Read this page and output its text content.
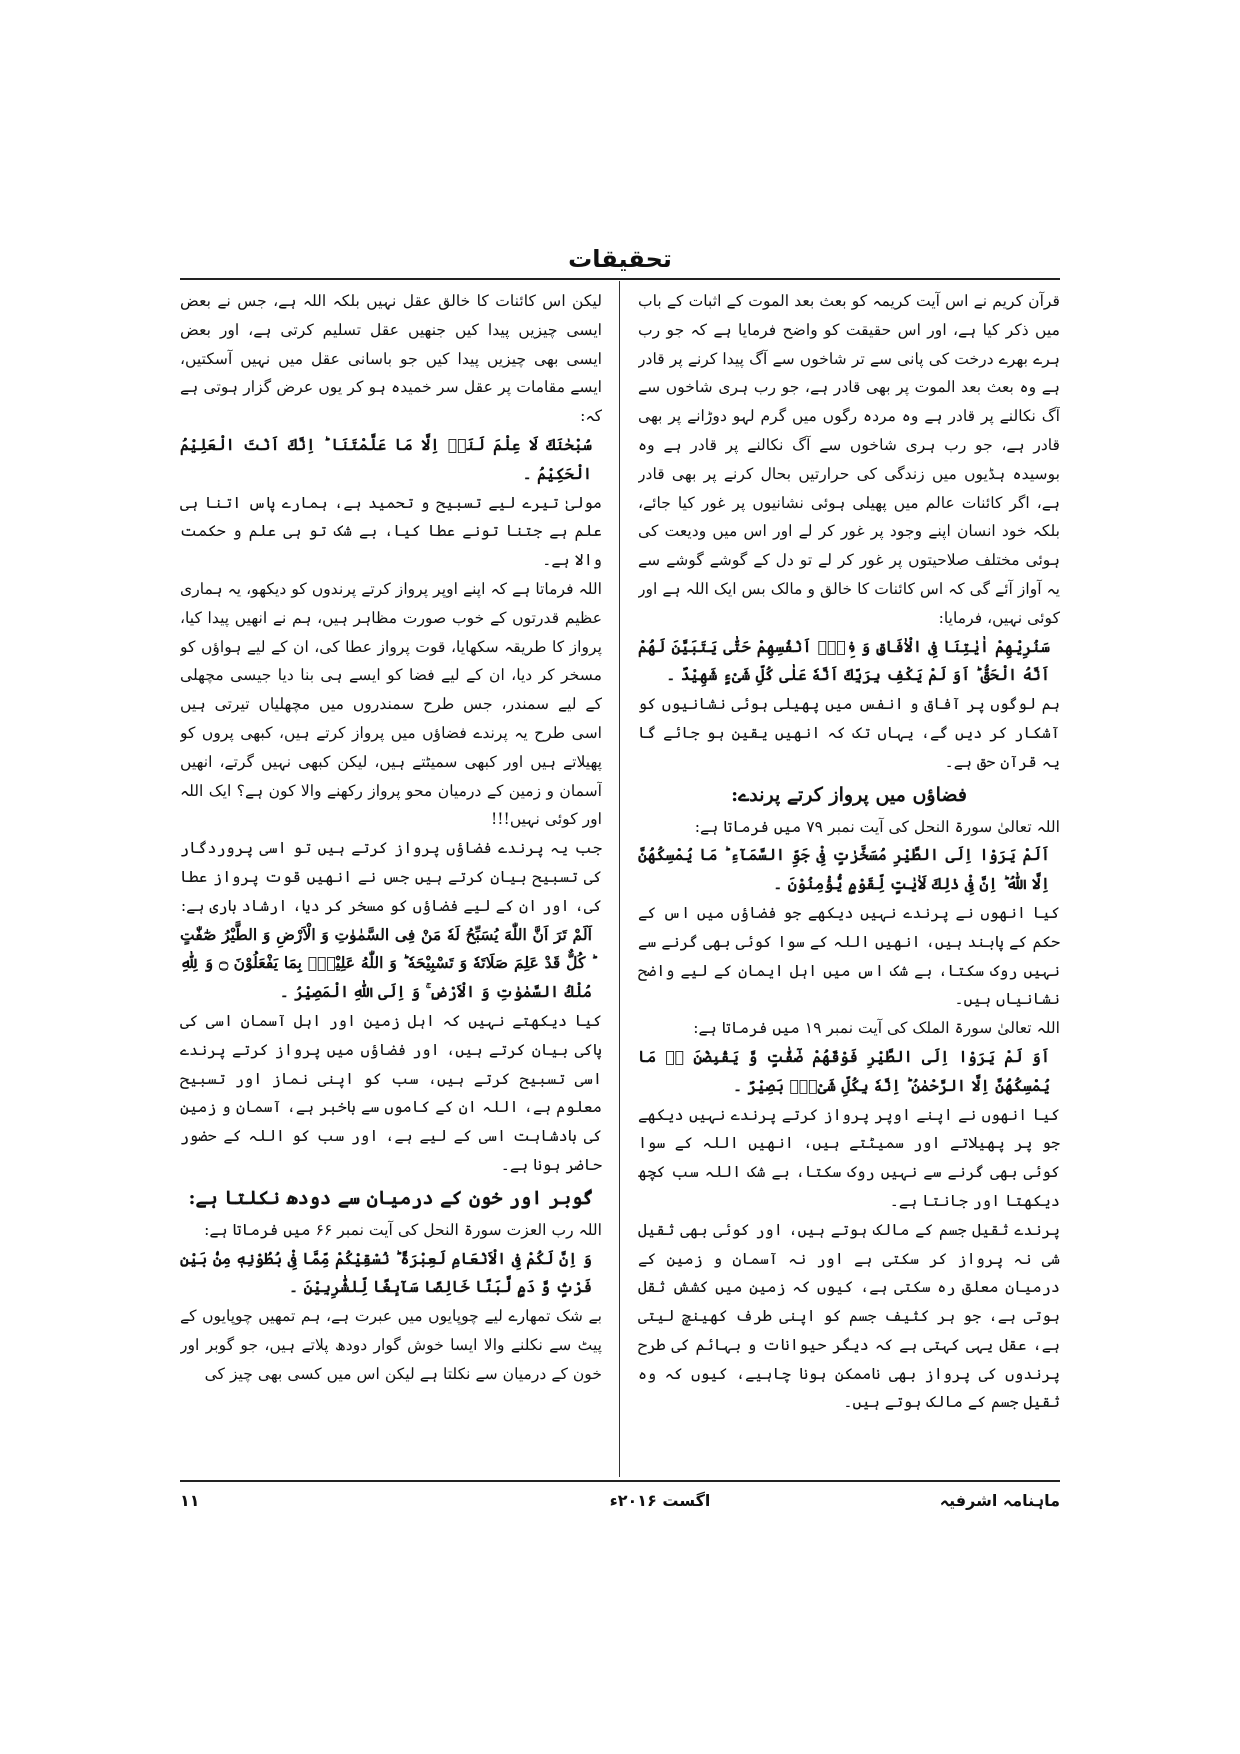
تحقیقات

قرآن کریم نے اس آیت کریمہ کو بعث بعد الموت کے اثبات کے باب میں ذکر کیا ہے، اور اس حقیقت کو واضح فرمایا ہے کہ جو رب ہرے بھرے درخت کی پانی سے تر شاخوں سے آگ پیدا کرنے پر قادر ہے وہ بعث بعد الموت پر بھی قادر ہے، جو رب ہری شاخوں سے آگ نکالنے پر قادر ہے وہ مردہ رگوں میں گرم لہو دوڑانے پر بھی قادر ہے، جو رب ہری شاخوں سے آگ نکالنے پر قادر ہے وہ بوسیدہ ہڈیوں میں زندگی کی حرارتیں بحال کرنے پر بھی قادر ہے، اگر کائنات عالم میں پھیلی ہوئی نشانیوں پر غور کیا جائے، بلکہ خود انسان اپنے وجود پر غور کر لے اور اس میں ودیعت کی ہوئی مختلف صلاحیتوں پر غور کر لے تو دل کے گوشے گوشے سے یہ آواز آئے گی کہ اس کائنات کا خالق و مالک بس ایک اللہ ہے اور کوئی نہیں، فرمایا:

سَنُرِیْهِمْ اٰیٰتِنَا فِی الْاٰفَاقِ وَ فِیْۤ اَنْفُسِهِمْ حَتّٰى یَتَبَیَّنَ لَهُمْ اَنَّهُ الْحَقُّ ؕ اَوَ لَمْ یَكْفِ بِرَبِّكَ اَنَّهٗ عَلٰى كُلِّ شَیْءٍ شَهِیْدٌ ۔

ہم لوگوں پر آفاق و انفس میں پھیلی ہوئی نشانیوں کو آشکار کر دیں گے، یہاں تک کہ انھیں یقین ہو جائے گا یہ قرآن حق ہے۔

فضاؤں میں پرواز کرتے پرندے:

اللہ تعالیٰ سورۃ النحل کی آیت نمبر ۷۹ میں فرماتا ہے:

اَلَمْ یَرَوْا اِلَى الطَّیْرِ مُسَخَّرٰتٍ فِیْ جَوِّ السَّمَآءِ ؕ مَا یُمْسِكُهُنَّ اِلَّا اللّٰهُ ؕ اِنَّ فِیْ ذٰلِكَ لَاٰیٰتٍ لِّقَوْمٍ یُّؤْمِنُوْنَ ۔

کیا انھوں نے پرندے نہیں دیکھے جو فضاؤں میں اس کے حکم کے پابند ہیں، انھیں اللہ کے سوا کوئی بھی گرنے سے نہیں روک سکتا، بے شک اس میں اہل ایمان کے لیے واضح نشانیاں ہیں۔

اللہ تعالیٰ سورۃ الملک کی آیت نمبر ۱۹ میں فرماتا ہے:

اَوَ لَمْ یَرَوْا اِلَى الطَّیْرِ فَوْقَهُمْ صٰٓفّٰتٍ وَّ یَقْبِضْنَ ؕۘ مَا یُمْسِكُهُنَّ اِلَّا الرَّحْمٰنُ ؕ اِنَّهٗ بِكُلِّ شَیْءٍۭ بَصِیْرٌ ۔

کیا انھوں نے اپنے اوپر پرواز کرتے پرندے نہیں دیکھے جو پر پھیلاتے اور سمیٹتے ہیں، انھیں اللہ کے سوا کوئی بھی گرنے سے نہیں روک سکتا، بے شک اللہ سب کچھ دیکھتا اور جانتا ہے۔

پرندے ثقیل جسم کے مالک ہوتے ہیں، اور کوئی بھی ثقیل شی نہ پرواز کر سکتی ہے اور نہ آسمان و زمین کے درمیان معلق رہ سکتی ہے، کیوں کہ زمین میں کشش ثقل ہوتی ہے، جو ہر کثیف جسم کو اپنی طرف کھینچ لیتی ہے، عقل یہی کہتی ہے کہ دیگر حیوانات و بہائم کی طرح پرندوں کی پرواز بھی ناممکن ہونا چاہیے، کیوں کہ وہ ثقیل جسم کے مالک ہوتے ہیں۔

لیکن اس کائنات کا خالق عقل نہیں بلکہ اللہ ہے، جس نے بعض ایسی چیزیں پیدا کیں جنھیں عقل تسلیم کرتی ہے، اور بعض ایسی بھی چیزیں پیدا کیں جو باسانی عقل میں نہیں آسکتیں، ایسے مقامات پر عقل سر خمیدہ ہو کر یوں عرض گزار ہوتی ہے کہ:

سُبْحٰنَكَ لَا عِلْمَ لَنَاۤ اِلَّا مَا عَلَّمْتَنَا ؕ اِنَّكَ اَنْتَ الْعَلِیْمُ الْحَكِیْمُ ۔

مولیٰ تیرے لیے تسبیح و تحمید ہے، ہمارے پاس اتنا ہی علم ہے جتنا تونے عطا کیا، بے شک تو ہی علم و حکمت والا ہے۔

اللہ فرماتا ہے کہ اپنے اوپر پرواز کرتے پرندوں کو دیکھو، یہ ہماری عظیم قدرتوں کے خوب صورت مظاہر ہیں، ہم نے انھیں پیدا کیا، پرواز کا طریقہ سکھایا، قوت پرواز عطا کی، ان کے لیے ہواؤں کو مسخر کر دیا، ان کے لیے فضا کو ایسے ہی بنا دیا جیسی مچھلی کے لیے سمندر، جس طرح سمندروں میں مچھلیاں تیرتی ہیں اسی طرح یہ پرندے فضاؤں میں پرواز کرتے ہیں، کبھی پروں کو پھیلاتے ہیں اور کبھی سمیٹتے ہیں، لیکن کبھی نہیں گرتے، انھیں آسمان و زمین کے درمیان محو پرواز رکھنے والا کون ہے؟ ایک اللہ اور کوئی نہیں!!!

جب یہ پرندے فضاؤں پرواز کرتے ہیں تو اسی پروردگار کی تسبیح بیان کرتے ہیں جس نے انھیں قوت پرواز عطا کی، اور ان کے لیے فضاؤں کو مسخر کر دیا، ارشاد باری ہے:

اَلَمْ تَرَ اَنَّ اللّٰهَ یُسَبِّحُ لَهٗ مَنْ فِی السَّمٰوٰتِ وَ الْاَرْضِ وَ الطَّیْرُ صٰٓفّٰتٍ ؕ كُلٌّ قَدْ عَلِمَ صَلَاتَهٗ وَ تَسْبِیْحَهٗ ؕ وَ اللّٰهُ عَلِیْمٌۢ بِمَا یَفْعَلُوْنَ ۝ وَ لِلّٰهِ مُلْكُ السَّمٰوٰتِ وَ الْاَرْضِ ۚ وَ اِلَى اللّٰهِ الْمَصِیْرُ ۔

کیا دیکھتے نہیں کہ اہل زمین اور اہل آسمان اسی کی پاکی بیان کرتے ہیں، اور فضاؤں میں پرواز کرتے پرندے اسی تسبیح کرتے ہیں، سب کو اپنی نماز اور تسبیح معلوم ہے، اللہ ان کے کاموں سے باخبر ہے، آسمان و زمین کی بادشاہت اسی کے لیے ہے، اور سب کو اللہ کے حضور حاضر ہونا ہے۔

گوبر اور خون کے درمیان سے دودھ نکلتا ہے:

اللہ رب العزت سورۃ النحل کی آیت نمبر ۶۶ میں فرماتا ہے:

وَ اِنَّ لَكُمْ فِی الْاَنْعَامِ لَعِبْرَةً ؕ نُسْقِیْكُمْ مِّمَّا فِیْ بُطُوْنِهٖ مِنْۢ بَیْنِ فَرْثٍ وَّ دَمٍ لَّبَنًا خَالِصًا سَآىٕغًا لِّلشّٰرِبِیْنَ ۔

بے شک تمھارے لیے چوپایوں میں عبرت ہے، ہم تمھیں چوپایوں کے پیٹ سے نکلنے والا ایسا خوش گوار دودھ پلاتے ہیں، جو گوبر اور خون کے درمیان سے نکلتا ہے لیکن اس میں کسی بھی چیز کی

ماہنامہ اشرفیہ
اگست ۲۰۱۶ء
۱۱
